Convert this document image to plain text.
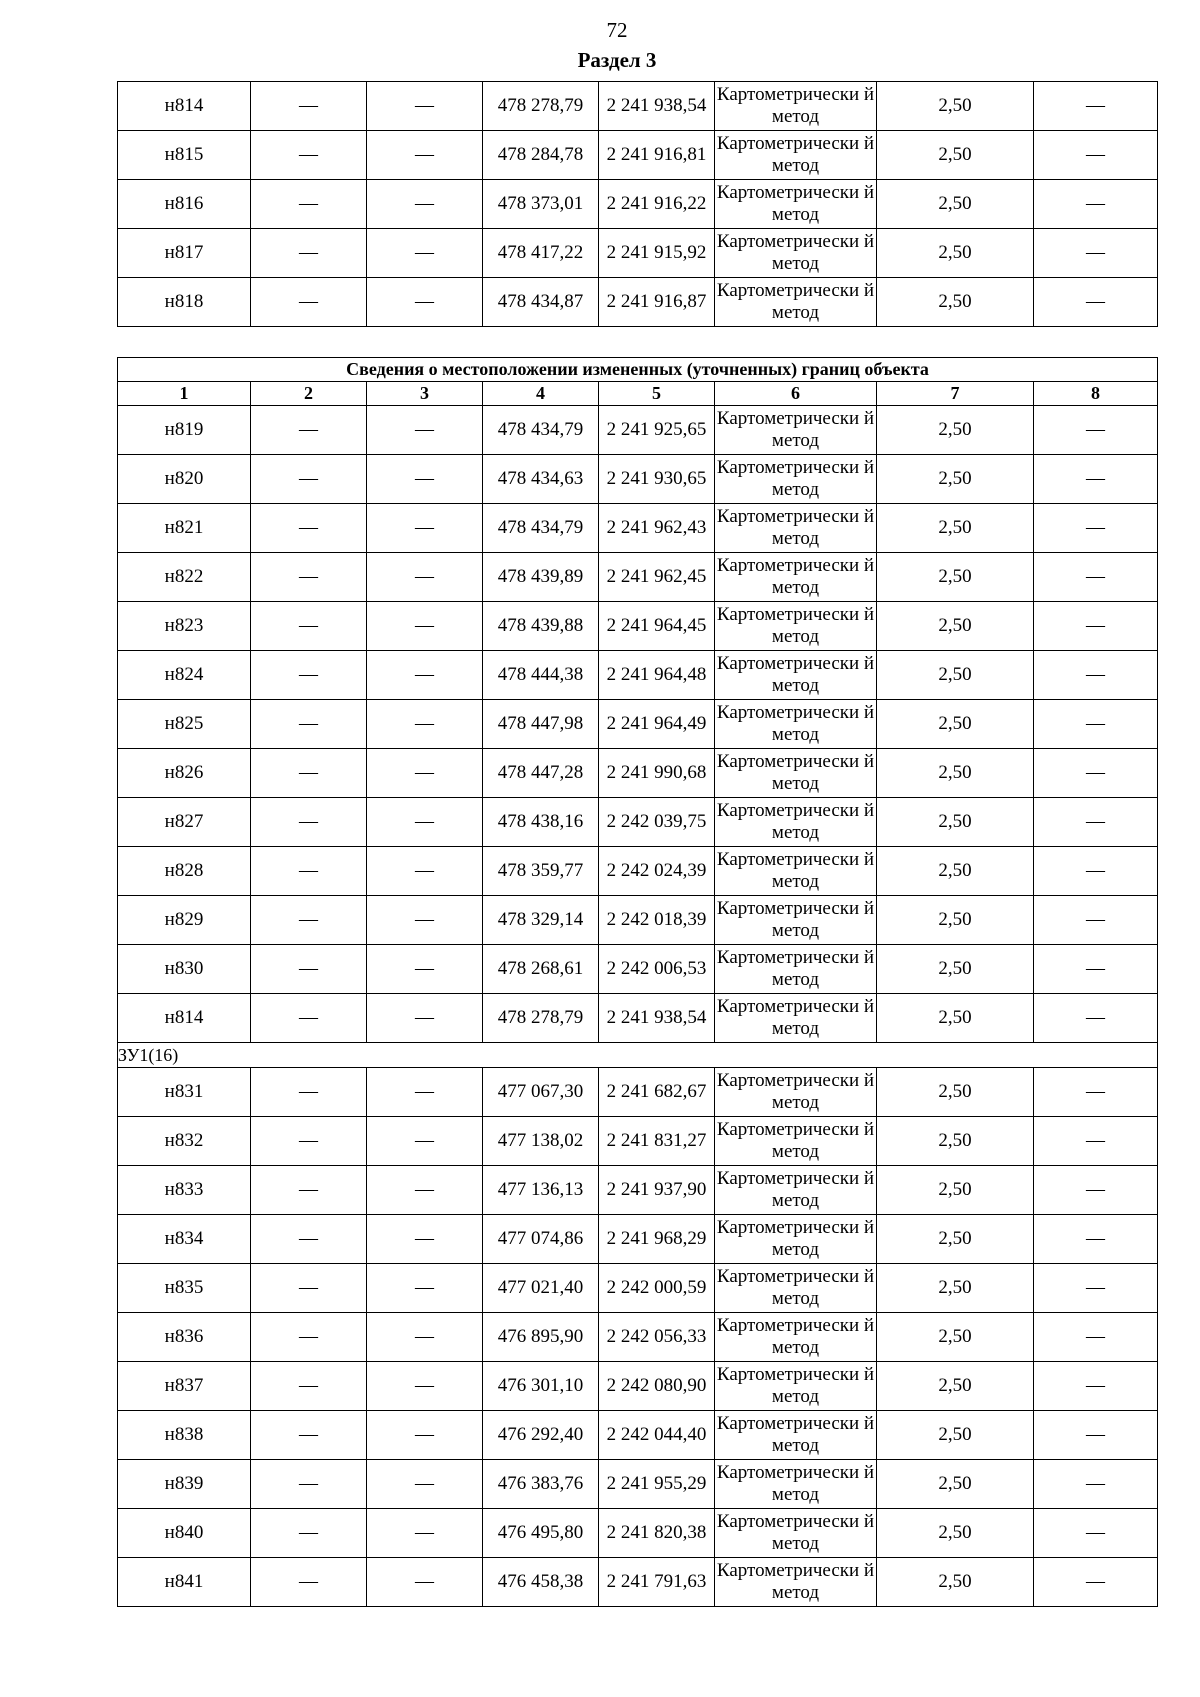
72
Раздел 3
н814	—	—	478 278,79	2 241 938,54	Картометрически й метод	2,50	—
н815	—	—	478 284,78	2 241 916,81	Картометрически й метод	2,50	—
н816	—	—	478 373,01	2 241 916,22	Картометрически й метод	2,50	—
н817	—	—	478 417,22	2 241 915,92	Картометрически й метод	2,50	—
н818	—	—	478 434,87	2 241 916,87	Картометрически й метод	2,50	—
Сведения о местоположении измененных (уточненных) границ объекта							
1	2	3	4	5	6	7	8
н819	—	—	478 434,79	2 241 925,65	Картометрически й метод	2,50	—
н820	—	—	478 434,63	2 241 930,65	Картометрически й метод	2,50	—
н821	—	—	478 434,79	2 241 962,43	Картометрически й метод	2,50	—
н822	—	—	478 439,89	2 241 962,45	Картометрически й метод	2,50	—
н823	—	—	478 439,88	2 241 964,45	Картометрически й метод	2,50	—
н824	—	—	478 444,38	2 241 964,48	Картометрически й метод	2,50	—
н825	—	—	478 447,98	2 241 964,49	Картометрически й метод	2,50	—
н826	—	—	478 447,28	2 241 990,68	Картометрически й метод	2,50	—
н827	—	—	478 438,16	2 242 039,75	Картометрически й метод	2,50	—
н828	—	—	478 359,77	2 242 024,39	Картометрически й метод	2,50	—
н829	—	—	478 329,14	2 242 018,39	Картометрически й метод	2,50	—
н830	—	—	478 268,61	2 242 006,53	Картометрически й метод	2,50	—
н814	—	—	478 278,79	2 241 938,54	Картометрически й метод	2,50	—
ЗУ1(16)							
н831	—	—	477 067,30	2 241 682,67	Картометрически й метод	2,50	—
н832	—	—	477 138,02	2 241 831,27	Картометрически й метод	2,50	—
н833	—	—	477 136,13	2 241 937,90	Картометрически й метод	2,50	—
н834	—	—	477 074,86	2 241 968,29	Картометрически й метод	2,50	—
н835	—	—	477 021,40	2 242 000,59	Картометрически й метод	2,50	—
н836	—	—	476 895,90	2 242 056,33	Картометрически й метод	2,50	—
н837	—	—	476 301,10	2 242 080,90	Картометрически й метод	2,50	—
н838	—	—	476 292,40	2 242 044,40	Картометрически й метод	2,50	—
н839	—	—	476 383,76	2 241 955,29	Картометрически й метод	2,50	—
н840	—	—	476 495,80	2 241 820,38	Картометрически й метод	2,50	—
н841	—	—	476 458,38	2 241 791,63	Картометрически й метод	2,50	—
